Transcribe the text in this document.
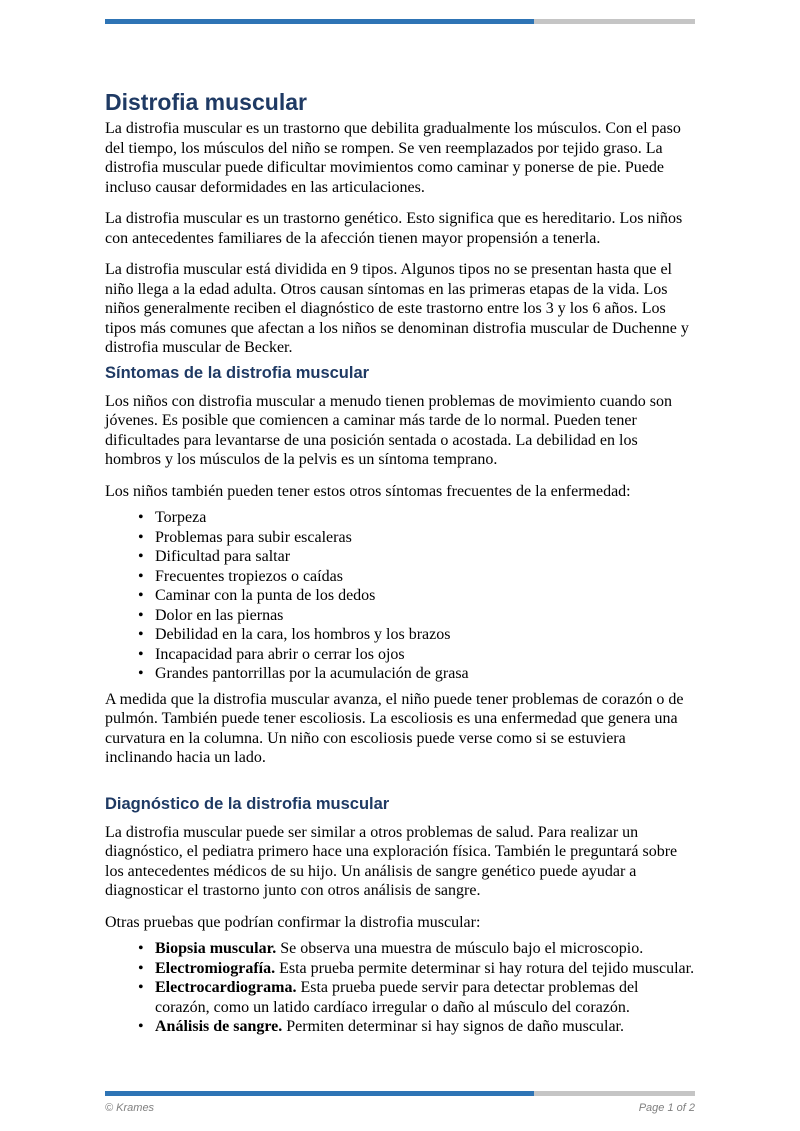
Distrofia muscular

La distrofia muscular es un trastorno que debilita gradualmente los músculos. Con el paso del tiempo, los músculos del niño se rompen. Se ven reemplazados por tejido graso. La distrofia muscular puede dificultar movimientos como caminar y ponerse de pie. Puede incluso causar deformidades en las articulaciones.

La distrofia muscular es un trastorno genético. Esto significa que es hereditario. Los niños con antecedentes familiares de la afección tienen mayor propensión a tenerla.

La distrofia muscular está dividida en 9 tipos. Algunos tipos no se presentan hasta que el niño llega a la edad adulta. Otros causan síntomas en las primeras etapas de la vida. Los niños generalmente reciben el diagnóstico de este trastorno entre los 3 y los 6 años. Los tipos más comunes que afectan a los niños se denominan distrofia muscular de Duchenne y distrofia muscular de Becker.

Síntomas de la distrofia muscular

Los niños con distrofia muscular a menudo tienen problemas de movimiento cuando son jóvenes. Es posible que comiencen a caminar más tarde de lo normal. Pueden tener dificultades para levantarse de una posición sentada o acostada. La debilidad en los hombros y los músculos de la pelvis es un síntoma temprano.

Los niños también pueden tener estos otros síntomas frecuentes de la enfermedad:

• Torpeza
• Problemas para subir escaleras
• Dificultad para saltar
• Frecuentes tropiezos o caídas
• Caminar con la punta de los dedos
• Dolor en las piernas
• Debilidad en la cara, los hombros y los brazos
• Incapacidad para abrir o cerrar los ojos
• Grandes pantorrillas por la acumulación de grasa

A medida que la distrofia muscular avanza, el niño puede tener problemas de corazón o de pulmón. También puede tener escoliosis. La escoliosis es una enfermedad que genera una curvatura en la columna. Un niño con escoliosis puede verse como si se estuviera inclinando hacia un lado.

Diagnóstico de la distrofia muscular

La distrofia muscular puede ser similar a otros problemas de salud. Para realizar un diagnóstico, el pediatra primero hace una exploración física. También le preguntará sobre los antecedentes médicos de su hijo. Un análisis de sangre genético puede ayudar a diagnosticar el trastorno junto con otros análisis de sangre.

Otras pruebas que podrían confirmar la distrofia muscular:

• Biopsia muscular. Se observa una muestra de músculo bajo el microscopio.
• Electromiografía. Esta prueba permite determinar si hay rotura del tejido muscular.
• Electrocardiograma. Esta prueba puede servir para detectar problemas del corazón, como un latido cardíaco irregular o daño al músculo del corazón.
• Análisis de sangre. Permiten determinar si hay signos de daño muscular.
© Krames	Page 1 of 2
